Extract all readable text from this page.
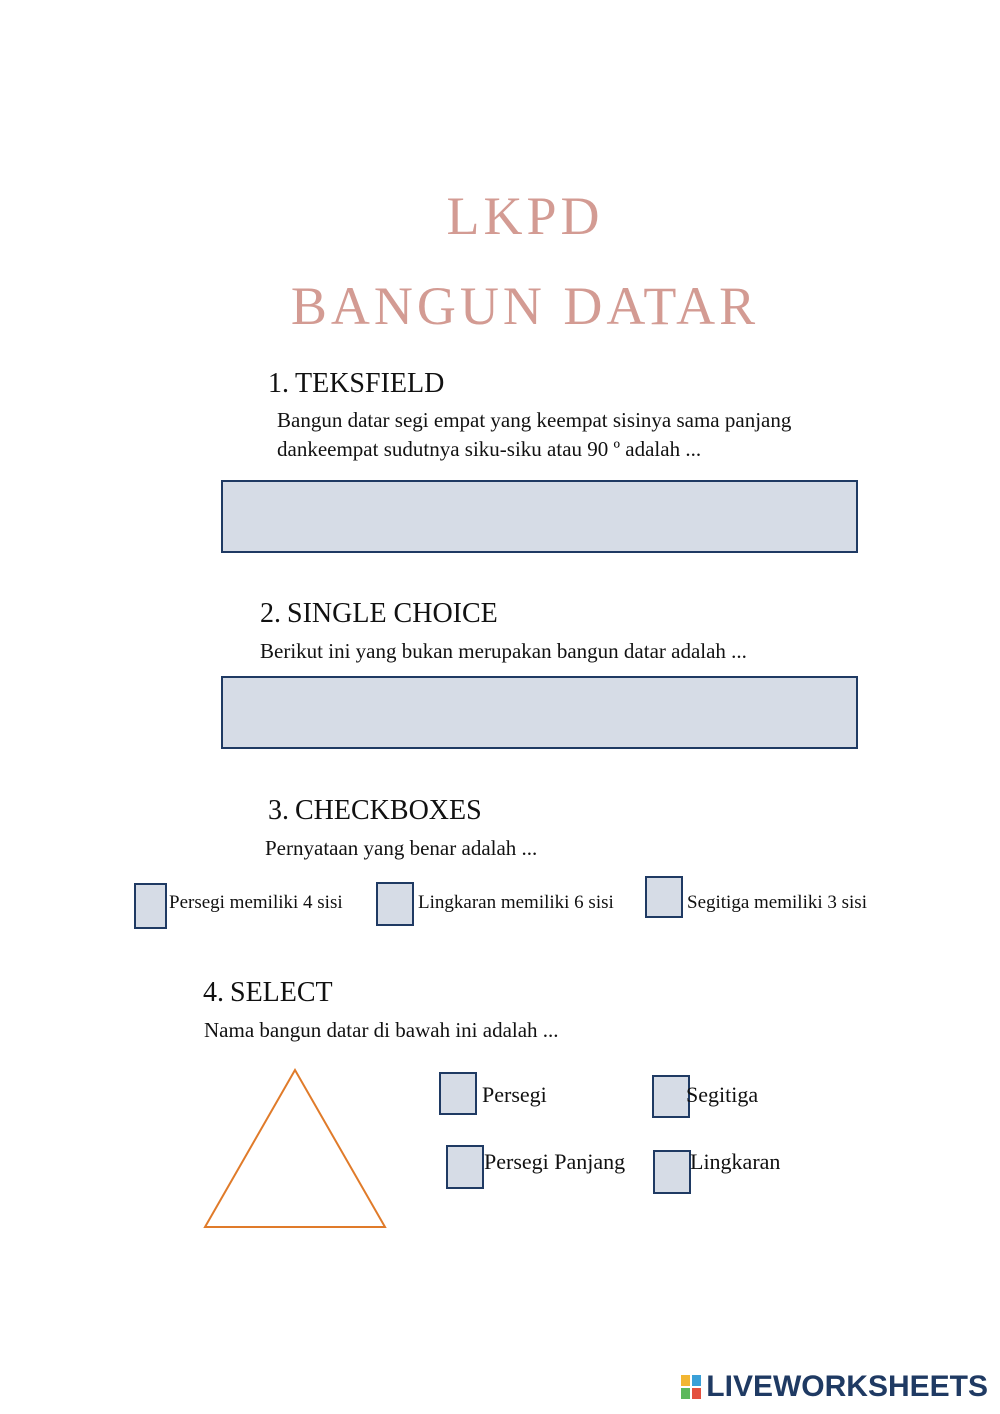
LKPD
BANGUN DATAR
1. TEKSFIELD
Bangun datar segi empat yang keempat sisinya sama panjang
dankeempat sudutnya siku-siku atau 90 º adalah ...
2. SINGLE CHOICE
Berikut ini yang bukan merupakan bangun datar adalah ...
3. CHECKBOXES
Pernyataan yang benar adalah ...
Persegi memiliki 4 sisi	Lingkaran memiliki 6 sisi	Segitiga memiliki 3 sisi
4. SELECT
Nama bangun datar di bawah ini adalah ...
Persegi	Segitiga
Persegi Panjang	Lingkaran
LIVEWORKSHEETS
